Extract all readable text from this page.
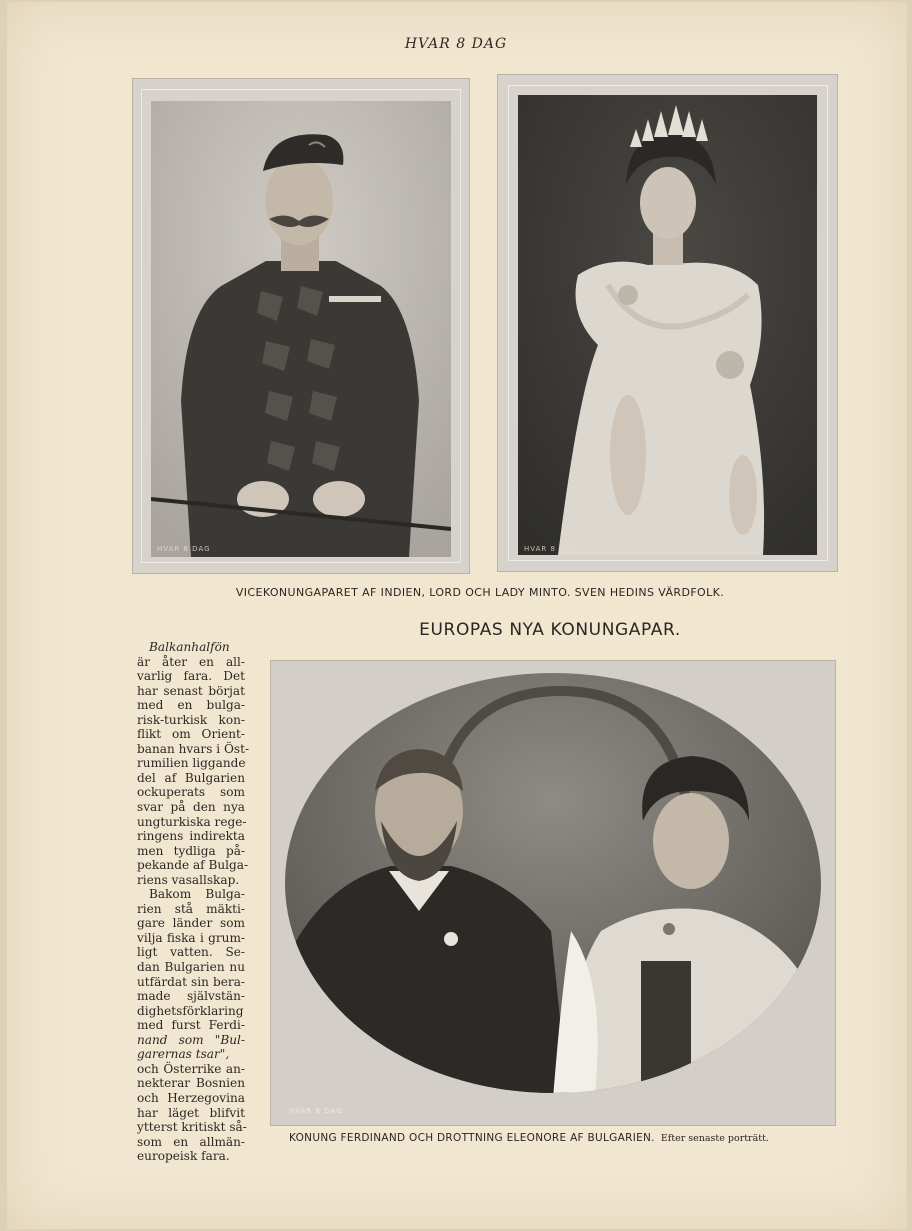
HVAR 8 DAG
HVAR 8 DAG	HVAR 8 DAG
VICEKONUNGAPARET AF INDIEN, LORD OCH LADY MINTO. SVEN HEDINS VÄRDFOLK.
EUROPAS NYA KONUNGAPAR.
Balkanhalfön
är åter en all-
varlig fara. Det
har senast börjat
med en bulga-
risk-turkisk kon-
flikt om Orient-
banan hvars i Öst-
rumilien liggande
del af Bulgarien
ockuperats som
svar på den nya
ungturkiska rege-
ringens indirekta
men tydliga på-
pekande af Bulga-
riens vasallskap.
Bakom Bulga-
rien stå mäkti-
gare länder som
vilja fiska i grum-
ligt vatten. Se-
dan Bulgarien nu
utfärdat sin bera-
made självstän-
dighetsförklaring
med furst Ferdi-
nand som "Bul-
garernas tsar",
och Österrike an-
nekterar Bosnien
och Herzegovina
har läget blifvit
ytterst kritiskt så-
som en allmän-
europeisk fara.
HVAR 8 DAG
KONUNG FERDINAND OCH DROTTNING ELEONORE AF BULGARIEN. Efter senaste porträtt.
